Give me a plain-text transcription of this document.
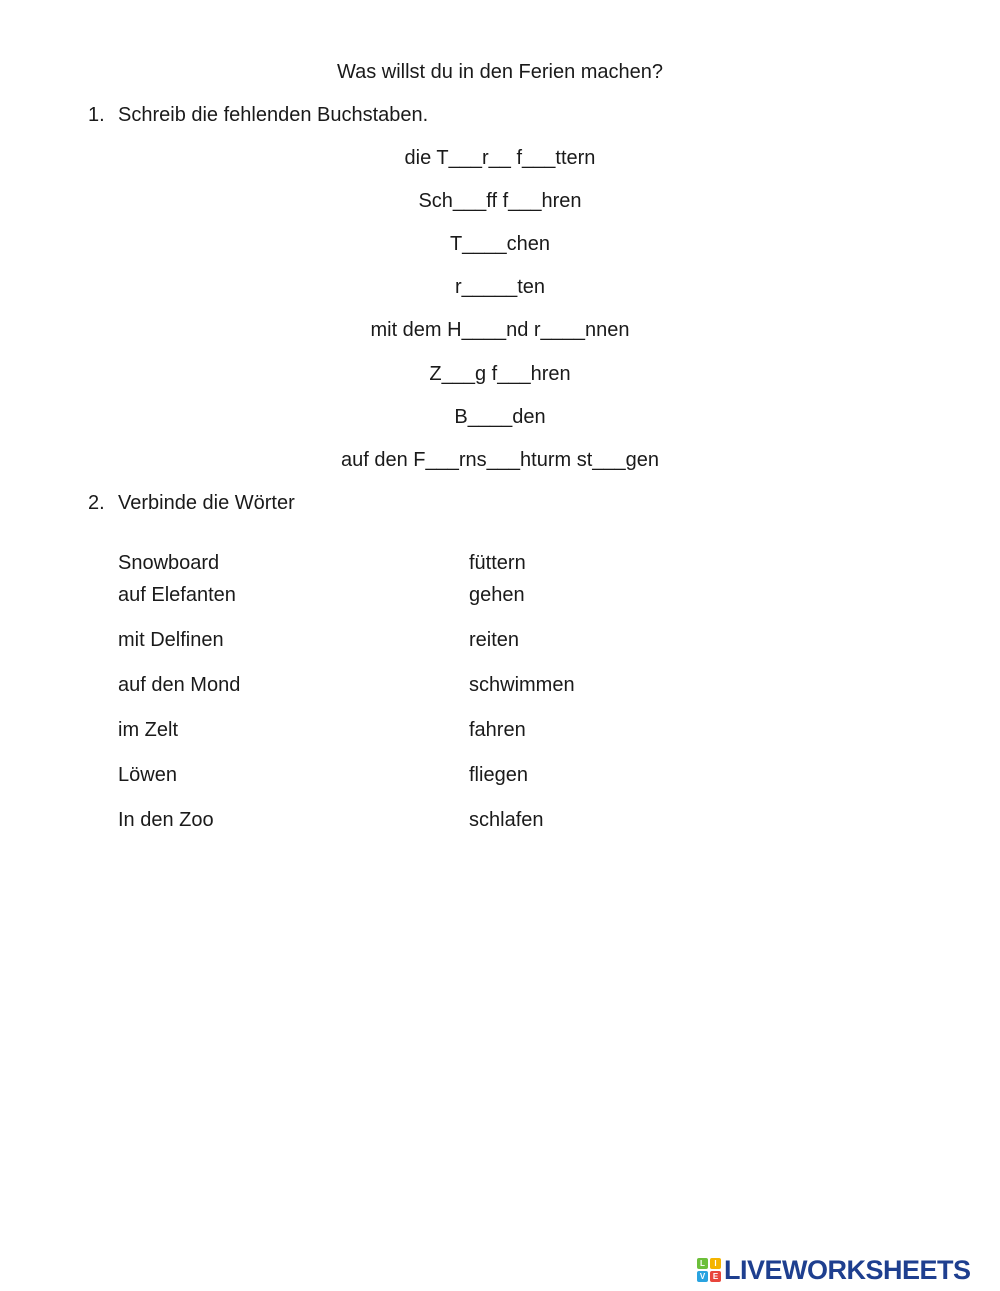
Was willst du in den Ferien machen?
1. Schreib die fehlenden Buchstaben.
die T___r__ f___ttern
Sch___ff f___hren
T____chen
r_____ten
mit dem H____nd r____nnen
Z___g f___hren
B____den
auf den F___rns___hturm st___gen
2. Verbinde die Wörter
Snowboard
auf Elefanten
mit Delfinen
auf den Mond
im Zelt
Löwen
In den Zoo
füttern
gehen
reiten
schwimmen
fahren
fliegen
schlafen
L	I
V E LIVEWORKSHEETS
